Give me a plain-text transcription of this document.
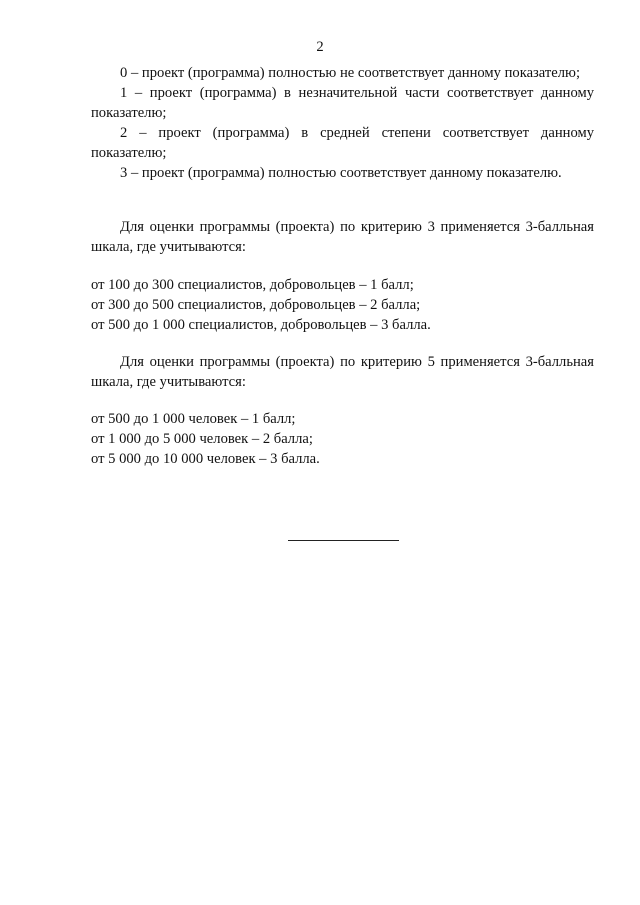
2

0 – проект (программа) полностью не соответствует данному показателю;

1 – проект (программа) в незначительной части соответствует данному показателю;

2 – проект (программа) в средней степени соответствует данному показателю;

3 – проект (программа) полностью соответствует данному показателю.

Для оценки программы (проекта) по критерию 3 применяется 3-балльная шкала, где учитываются:

от 100 до 300 специалистов, добровольцев – 1 балл;

от 300 до 500 специалистов, добровольцев – 2 балла;

от 500 до 1 000 специалистов, добровольцев – 3 балла.

Для оценки программы (проекта) по критерию 5 применяется 3-балльная шкала, где учитываются:

от 500 до 1 000 человек – 1 балл;

от 1 000 до 5 000 человек – 2 балла;

от 5 000 до 10 000 человек – 3 балла.
